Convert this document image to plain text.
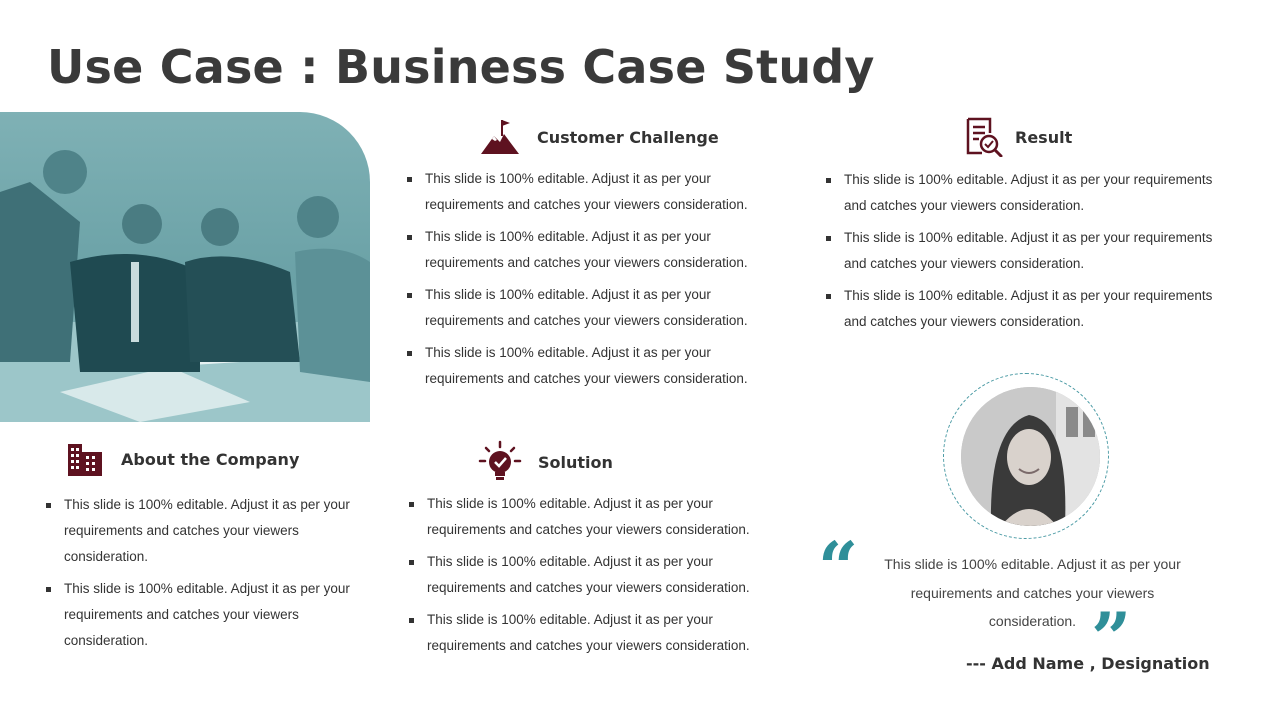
Use Case : Business Case Study
About the Company
This slide is 100% editable. Adjust it as per your
requirements and catches your viewers
consideration.
This slide is 100% editable. Adjust it as per your
requirements and catches your viewers
consideration.
Customer Challenge
This slide is 100% editable. Adjust it as per your
requirements and catches your viewers consideration.
This slide is 100% editable. Adjust it as per your
requirements and catches your viewers consideration.
This slide is 100% editable. Adjust it as per your
requirements and catches your viewers consideration.
This slide is 100% editable. Adjust it as per your
requirements and catches your viewers consideration.
Solution
This slide is 100% editable. Adjust it as per your
requirements and catches your viewers consideration.
This slide is 100% editable. Adjust it as per your
requirements and catches your viewers consideration.
This slide is 100% editable. Adjust it as per your
requirements and catches your viewers consideration.
Result
This slide is 100% editable. Adjust it as per your requirements
and catches your viewers consideration.
This slide is 100% editable. Adjust it as per your requirements
and catches your viewers consideration.
This slide is 100% editable. Adjust it as per your requirements
and catches your viewers consideration.
“	This slide is 100% editable. Adjust it as per your
requirements and catches your viewers
consideration. ”
--- Add Name , Designation
